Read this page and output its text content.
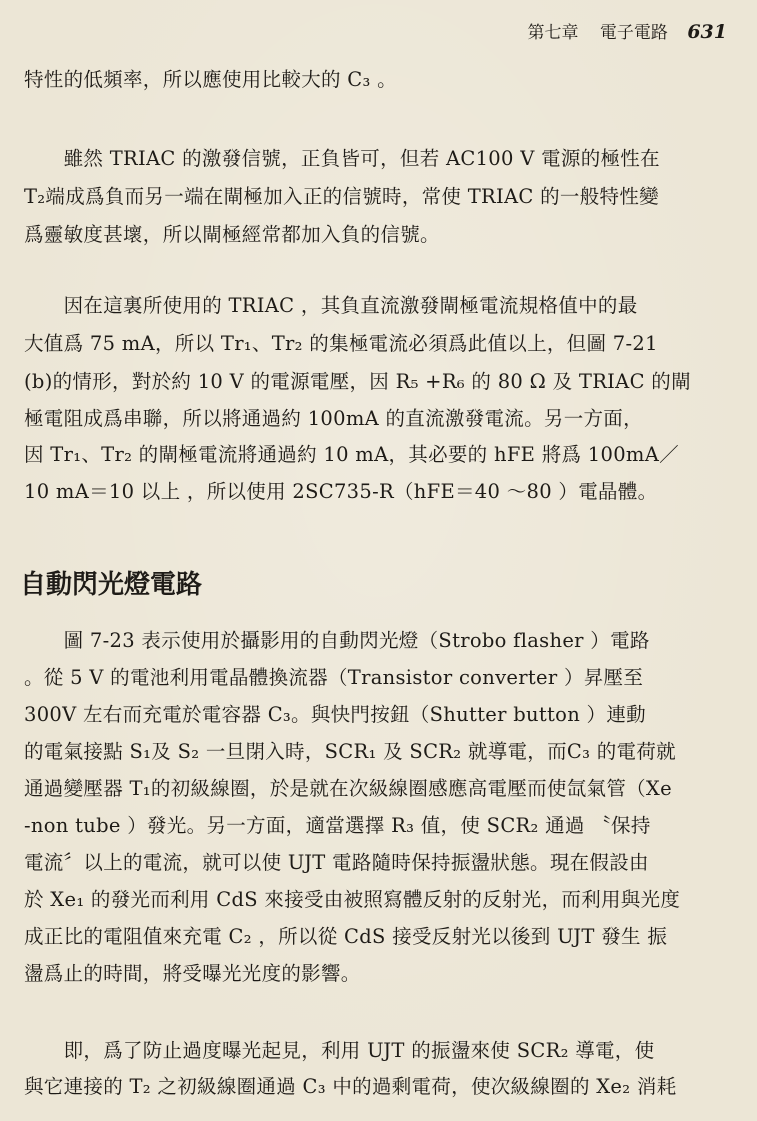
第七章 電子電路 631
特性的低頻率，所以應使用比較大的 C₃ 。
　　雖然 TRIAC 的激發信號，正負皆可，但若 AC100 V 電源的極性在
T₂端成爲負而另一端在閘極加入正的信號時，常使 TRIAC 的一般特性變
爲靈敏度甚壞，所以閘極經常都加入負的信號。
　　因在這裏所使用的 TRIAC ，其負直流激發閘極電流規格值中的最
大值爲 75 mA，所以 Tr₁、Tr₂ 的集極電流必須爲此值以上，但圖 7-21
(b)的情形，對於約 10 V 的電源電壓，因 R₅ +R₆ 的 80 Ω 及 TRIAC 的閘
極電阻成爲串聯，所以將通過約 100mA 的直流激發電流。另一方面，
因 Tr₁、Tr₂ 的閘極電流將通過約 10 mA，其必要的 hFE 將爲 100mA／
10 mA＝10 以上 ，所以使用 2SC735-R（hFE＝40 ～80 ）電晶體。
自動閃光燈電路
　　圖 7-23 表示使用於攝影用的自動閃光燈（Strobo flasher ）電路
。從 5 V 的電池利用電晶體換流器（Transistor converter ）昇壓至
300V 左右而充電於電容器 C₃。與快門按鈕（Shutter button ）連動
的電氣接點 S₁及 S₂ 一旦閉入時，SCR₁ 及 SCR₂ 就導電，而C₃ 的電荷就
通過變壓器 T₁的初級線圈，於是就在次級線圈感應高電壓而使氙氣管（Xe
-non tube ）發光。另一方面，適當選擇 R₃ 值，使 SCR₂ 通過 〝保持
電流〞以上的電流，就可以使 UJT 電路隨時保持振盪狀態。現在假設由
於 Xe₁ 的發光而利用 CdS 來接受由被照寫體反射的反射光，而利用與光度
成正比的電阻值來充電 C₂ ，所以從 CdS 接受反射光以後到 UJT 發生 振
盪爲止的時間，將受曝光光度的影響。
　　即，爲了防止過度曝光起見，利用 UJT 的振盪來使 SCR₂ 導電，使
與它連接的 T₂ 之初級線圈通過 C₃ 中的過剩電荷，使次級線圈的 Xe₂ 消耗
